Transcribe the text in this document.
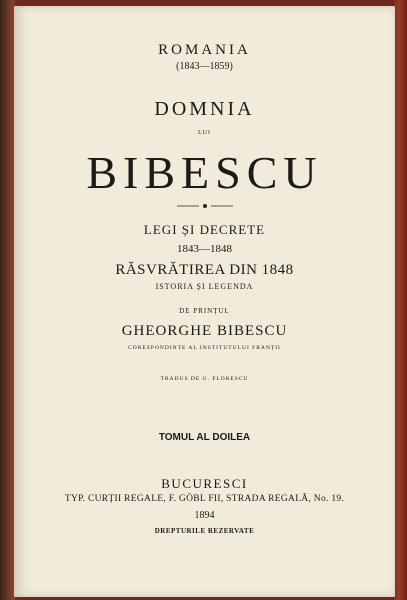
ROMANIA
(1843—1859)
DOMNIA
LUI
BIBESCU
LEGI ȘI DECRETE
1843—1848
RĂSVRĂTIREA DIN 1848
ISTORIA ȘI LEGENDA
DE PRINȚUL
GHEORGHE BIBESCU
CORESPONDINTE AL INSTITUTULUI FRANȚII
TRADUS DE G. FLORESCU
TOMUL AL DOILEA
BUCURESCI
TYP. CURȚII REGALE, F. GÖBL FII, STRADA REGALĂ, No. 19.
1894
DREPTURILE REZERVATE
